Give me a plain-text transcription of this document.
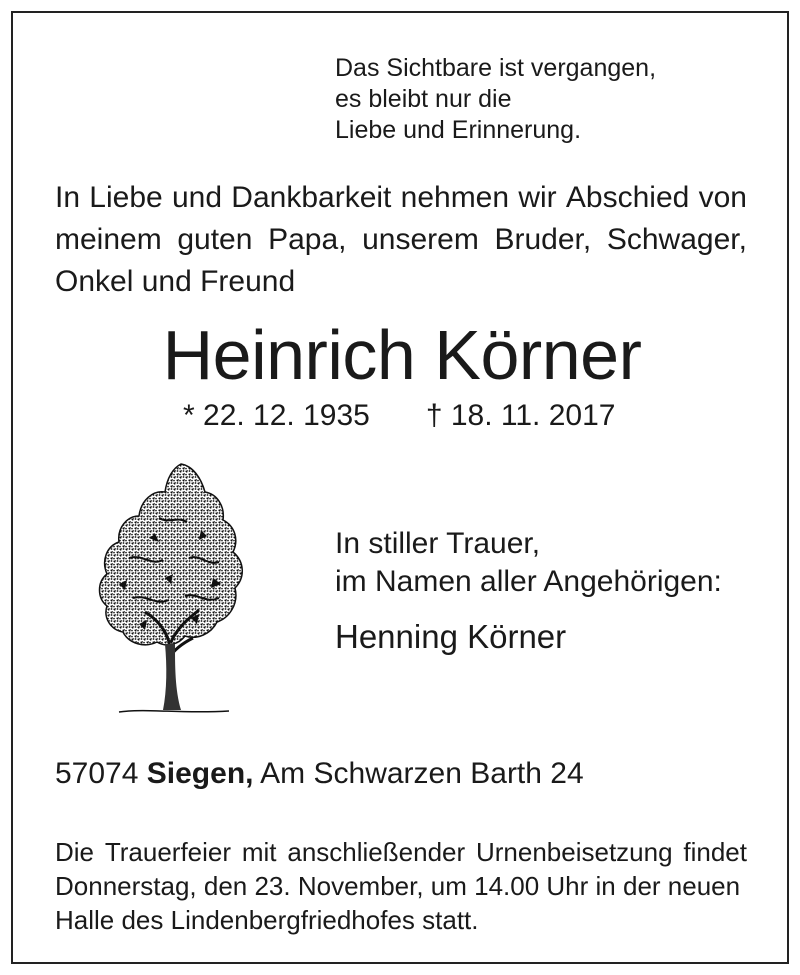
Das Sichtbare ist vergangen,
es bleibt nur die
Liebe und Erinnerung.
In Liebe und Dankbarkeit nehmen wir Abschied von
meinem guten Papa, unserem Bruder, Schwager,
Onkel und Freund
Heinrich Körner
* 22. 12. 1935 † 18. 11. 2017
In stiller Trauer,
im Namen aller Angehörigen:
Henning Körner
57074 Siegen, Am Schwarzen Barth 24
Die Trauerfeier mit anschließender Urnenbeisetzung findet
Donnerstag, den 23. November, um 14.00 Uhr in der neuen
Halle des Lindenbergfriedhofes statt.
